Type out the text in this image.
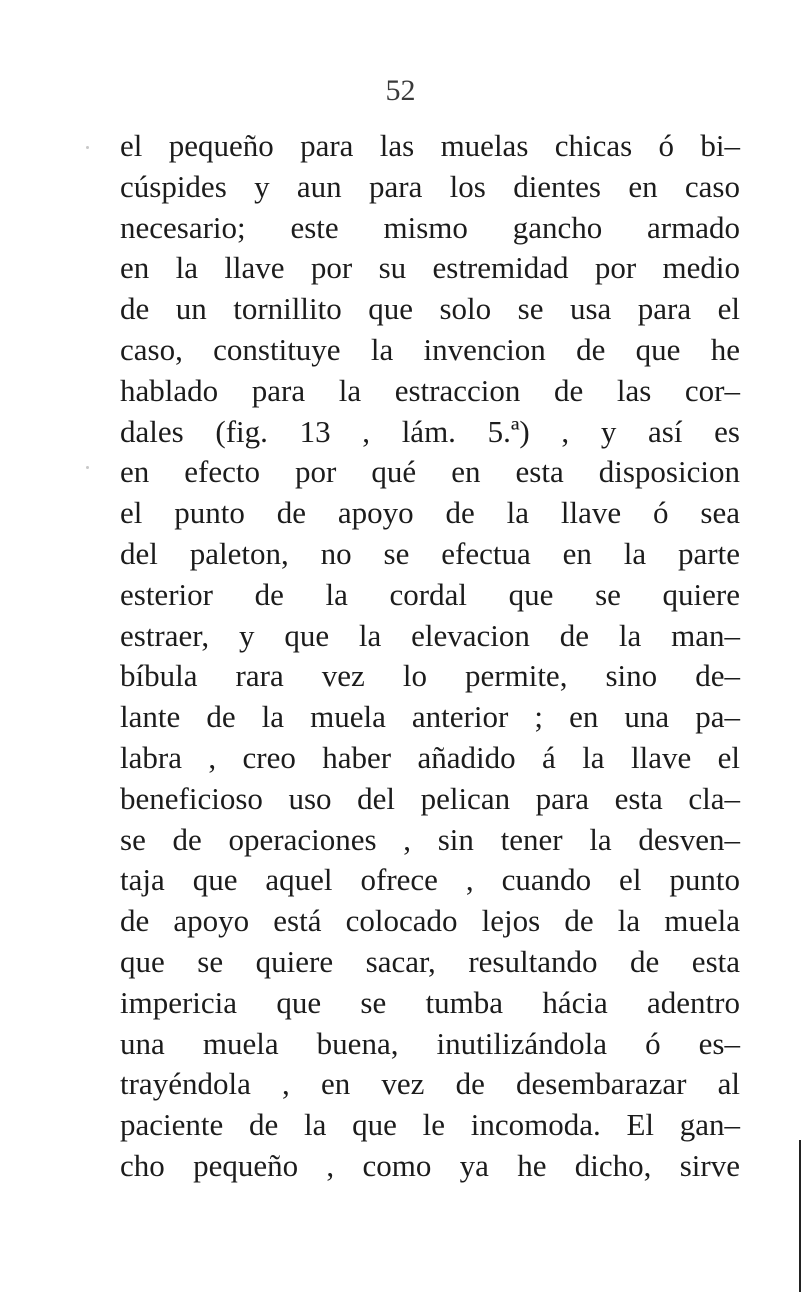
52
el pequeño para las muelas chicas ó bi–
cúspides y aun para los dientes en caso
necesario; este mismo gancho armado
en la llave por su estremidad por medio
de un tornillito que solo se usa para el
caso, constituye la invencion de que he
hablado para la estraccion de las cor–
dales (fig. 13 , lám. 5.ª) , y así es
en efecto por qué en esta disposicion
el punto de apoyo de la llave ó sea
del paleton, no se efectua en la parte
esterior de la cordal que se quiere
estraer, y que la elevacion de la man–
bíbula rara vez lo permite, sino de–
lante de la muela anterior ; en una pa–
labra , creo haber añadido á la llave el
beneficioso uso del pelican para esta cla–
se de operaciones , sin tener la desven–
taja que aquel ofrece , cuando el punto
de apoyo está colocado lejos de la muela
que se quiere sacar, resultando de esta
impericia que se tumba hácia adentro
una muela buena, inutilizándola ó es–
trayéndola , en vez de desembarazar al
paciente de la que le incomoda. El gan–
cho pequeño , como ya he dicho, sirve
